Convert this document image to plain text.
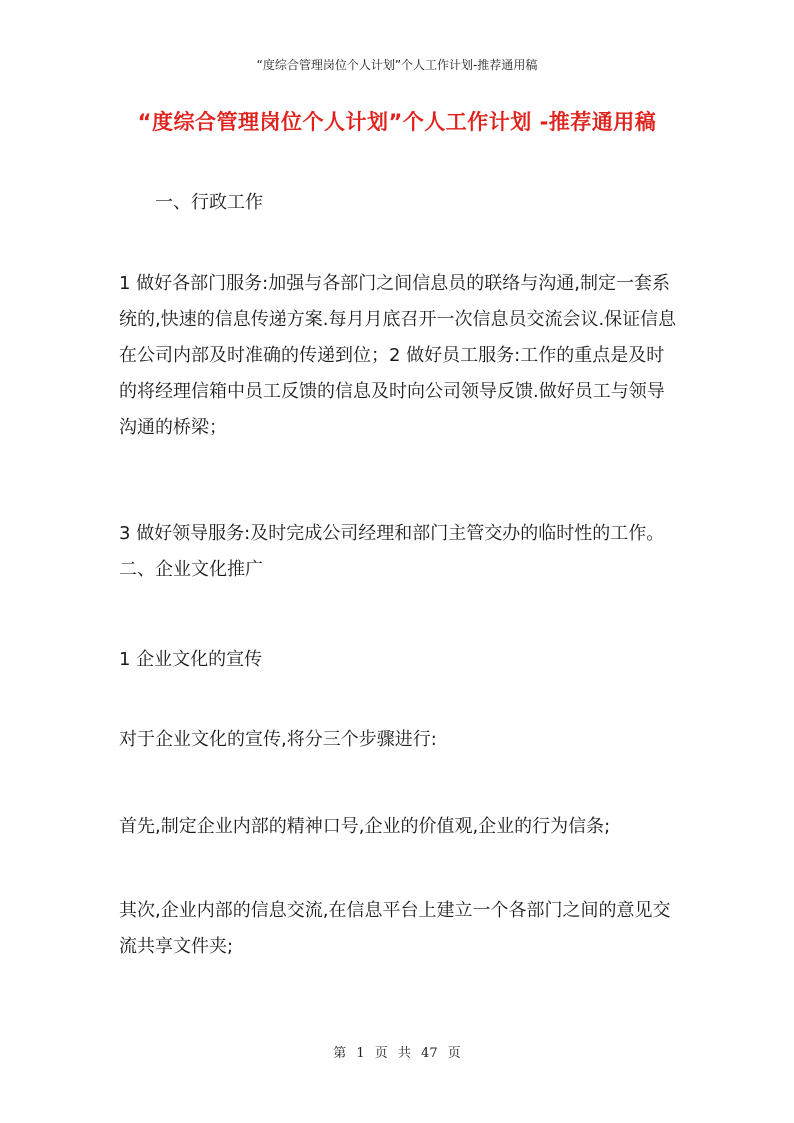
“度综合管理岗位个人计划”个人工作计划-推荐通用稿
“度综合管理岗位个人计划”个人工作计划 -推荐通用稿

　　一、行政工作

1 做好各部门服务:加强与各部门之间信息员的联络与沟通,制定一套系统的,快速的信息传递方案.每月月底召开一次信息员交流会议.保证信息在公司内部及时准确的传递到位；2 做好员工服务:工作的重点是及时的将经理信箱中员工反馈的信息及时向公司领导反馈.做好员工与领导沟通的桥梁；

3 做好领导服务:及时完成公司经理和部门主管交办的临时性的工作。二、企业文化推广

1 企业文化的宣传

对于企业文化的宣传,将分三个步骤进行:

首先,制定企业内部的精神口号,企业的价值观,企业的行为信条;

其次,企业内部的信息交流,在信息平台上建立一个各部门之间的意见交流共享文件夹;

第 1 页 共 47 页
